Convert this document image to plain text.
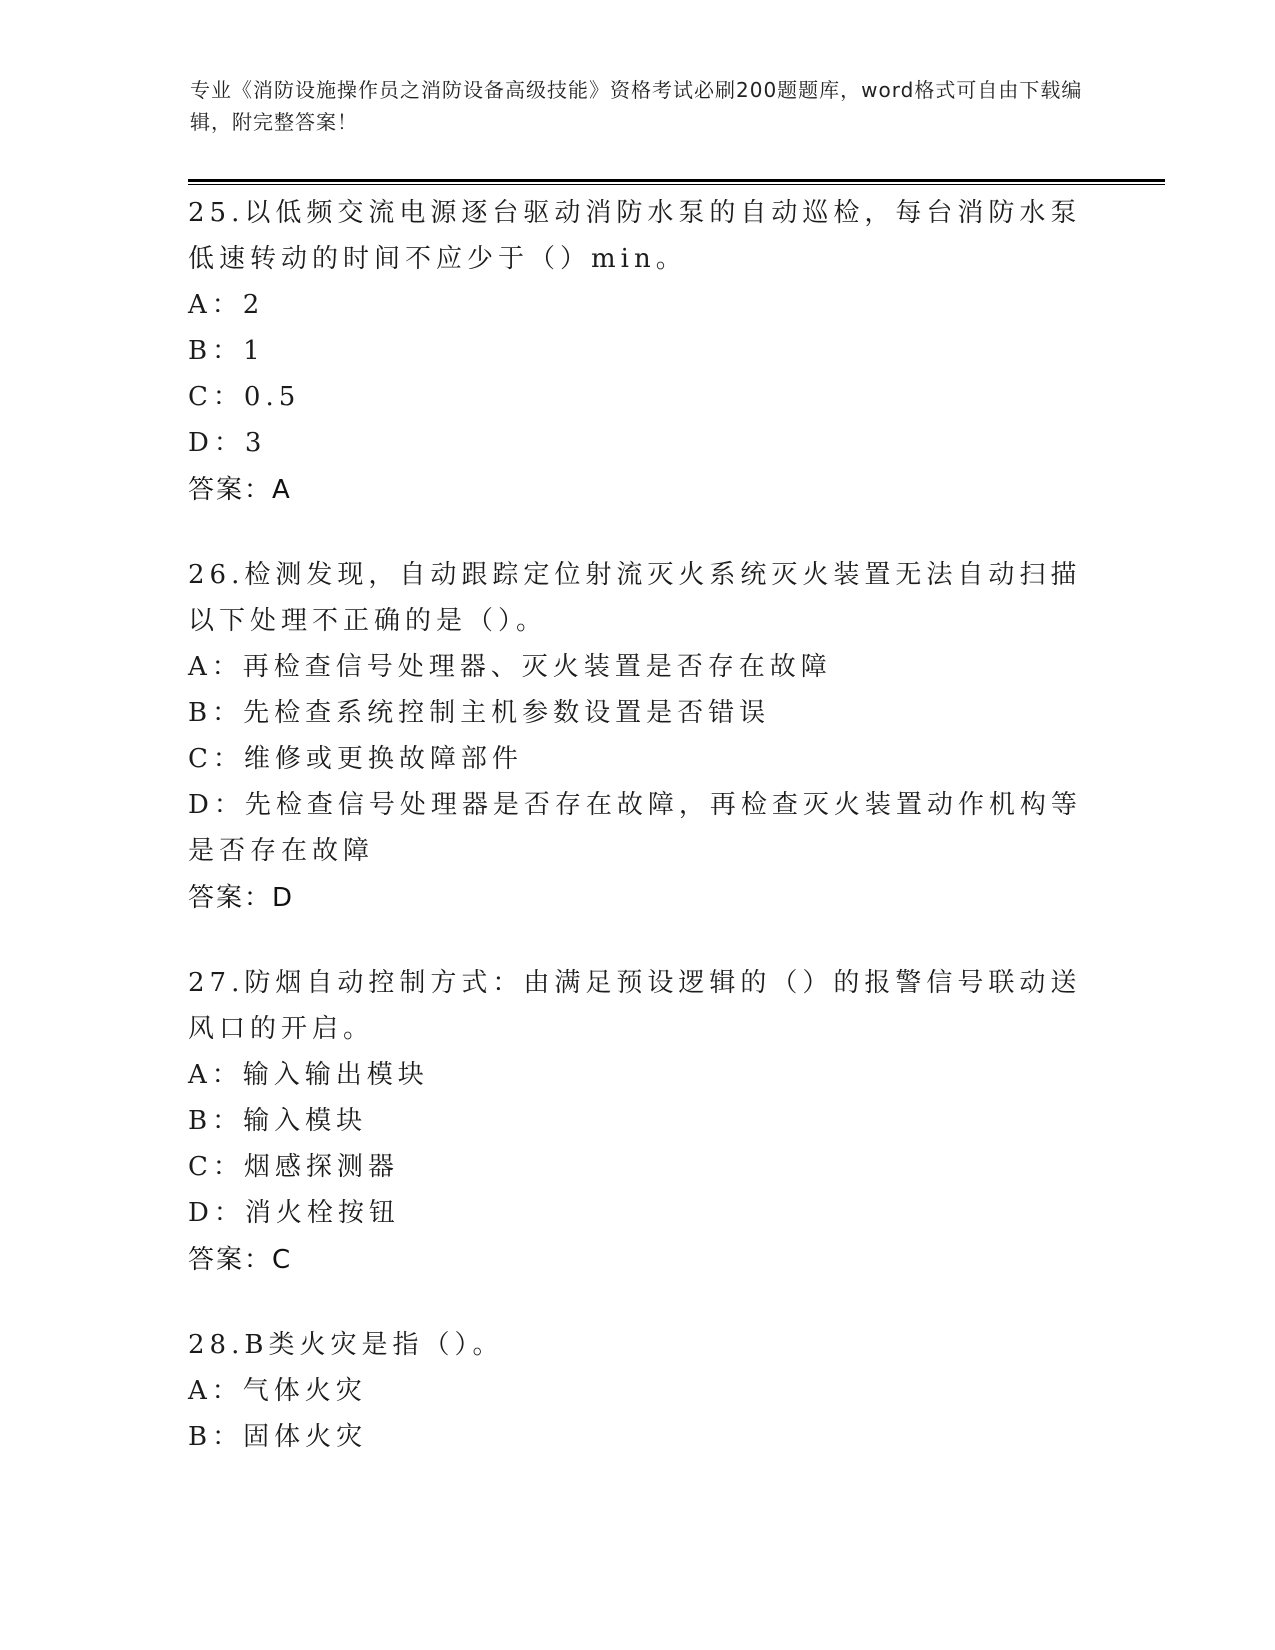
专业《消防设施操作员之消防设备高级技能》资格考试必刷200题题库，word格式可自由下载编辑，附完整答案！

25.以低频交流电源逐台驱动消防水泵的自动巡检，每台消防水泵低速转动的时间不应少于（）min。

A：2

B：1

C：0.5

D：3

答案：A

26.检测发现，自动跟踪定位射流灭火系统灭火装置无法自动扫描以下处理不正确的是（）。

A：再检查信号处理器、灭火装置是否存在故障

B：先检查系统控制主机参数设置是否错误

C：维修或更换故障部件

D：先检查信号处理器是否存在故障，再检查灭火装置动作机构等是否存在故障

答案：D

27.防烟自动控制方式：由满足预设逻辑的（）的报警信号联动送风口的开启。

A：输入输出模块

B：输入模块

C：烟感探测器

D：消火栓按钮

答案：C

28.B类火灾是指（）。

A：气体火灾

B：固体火灾
